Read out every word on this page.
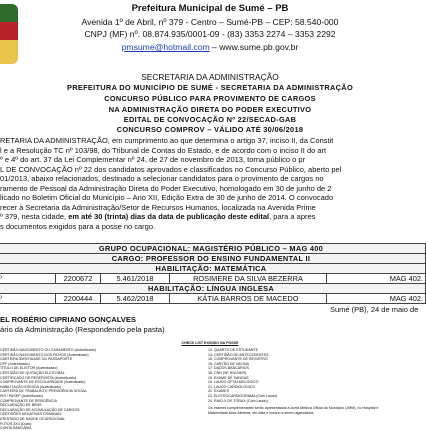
Prefeitura Municipal de Sumé – PB
Avenida 1º de Abril, nº 379 - Centro – Sumé-PB – CEP: 58.540-000
CNPJ (MF) nº. 08.874.935/0001-09 - (83) 3353 2274 – 3353 2292
pmsume@hotmail.com – www.sume.pb.gov.br
SECRETARIA DA ADMINISTRAÇÃO
PREFEITURA DO MUNICÍPIO DE SUMÉ - SECRETARIA DA ADMINISTRAÇÃO
CONCURSO PÚBLICO PARA PROVIMENTO DE CARGOS
NA ADMINISTRAÇÃO DIRETA DO PODER EXECUTIVO
EDITAL DE CONVOCAÇÃO Nº 22/SECAD-GAB
CONCURSO COMPROV – VÁLIDO ATÉ 30/06/2018
RETARIA DA ADMINISTRAÇÃO, em cumprimento ao que determina o artigo 37, inciso II, da Constit
l e a Resolução TC nº 103/98, do Tribunal de Contas do Estado, e de acordo com o inciso II do art
º e 4º do art. 37 da Lei Complementar nº 24, de 27 de novembro de 2013, torna público o pr
L DE CONVOCAÇÃO nº 22 dos candidatos aprovados e classificados no Concurso Público, aberto pel
01/2013, abaixo relacionados, destinado a selecionar candidatos para o provimento de cargos no
ramento de Pessoal da Administração Direta do Poder Executivo, homologado em 30 de junho de 2
licado no Boletim Oficial do Município – Ano XII, Edição Extra de 30 de junho de 2014. O convocado
recer à Secretaria da Administração/Setor de Recursos Humanos, localizada na Avenida Prime
º 379, nesta cidade, em até 30 (trinta) dias da data de publicação deste edital, para a apres
s documentos exigidos para a posse no cargo.
GRUPO OCUPACIONAL: MAGISTÉRIO PÚBLICO – MAG 400				
CARGO: PROFESSOR DO ENSINO FUNDAMENTAL II				
HABILITAÇÃO: MATEMÁTICA				
º	2200672	5.461/2018	ROSIMERE DA SILVA BEZERRA	MAG 402.
HABILITAÇÃO: LÍNGUA INGLESA				
º	2200444	5.462/2018	KÁTIA BARROS DE MACEDO	MAG 402.
Sumé (PB), 24 de maio de
EL ROBÉRIO CIPRIANO GONÇALVES
ário da Administração (Respondendo pela pasta)
CHECK LIST EXIGIDO NA POSSE
CERTIDÃO NASCIMENTO OU CASAMENTO (Autenticado)
CERTIDÃO NASCIMENTO DOS FILHOS (Autenticado)
CARTEIRA IDENTIDADE OU PASSAPORTE
CPF (Autenticado)
TÍTULO DE ELEITOR (Autenticado)
CERTIDÃO DE QUITAÇÃO ELEITORAL
CERTIFICADO DE RESERVISTA (Autenticado)
COMPROVANTE DE ESCOLARIDADE (Autenticado)
HABILITAÇÃO EXIGIDA (Autenticado)
CARTEIRA DE TRABALHO E PREVIDÊNCIA SOCIAL
PIS / PASEP (Autenticado)
COMPROVANTE DE RESIDÊNCIA
DECLARAÇÃO DE BENS
DECLARAÇÃO DE ACUMULAÇÃO DE CARGOS
CERTIDÕES NEGATIVAS CRIMINAIS
ATESTADO DE SAÚDE OCUPACIONAL
FOTOS 3X4 (Duas)
CONTA BANCÁRIA
13. QUARTO DE ESTUDANTE
14. CERTIDÃO DE ANTECEDENTES
15. COMPROVANTE DE REGISTRO
16. CARTÃO DE VACINA
17. DADOS BANCÁRIOS
18. CNH (SE HOUVER)
19. EXAME DE SANGUE
20. LAUDO OFTALMOLÓGICO
21. LAUDO CARDIOLÓGICO
22. EXAMES
23. ELETROCARDIOGRAMA (Com Laudo)
24. RAIO-X DE TÓRAX (Com Laudo)
Os exames complementares serão apresentados à Junta Médica Oficial do Município (JMM), no Hospital e Maternidade Alice Almeida, em data e horário a serem agendados.
